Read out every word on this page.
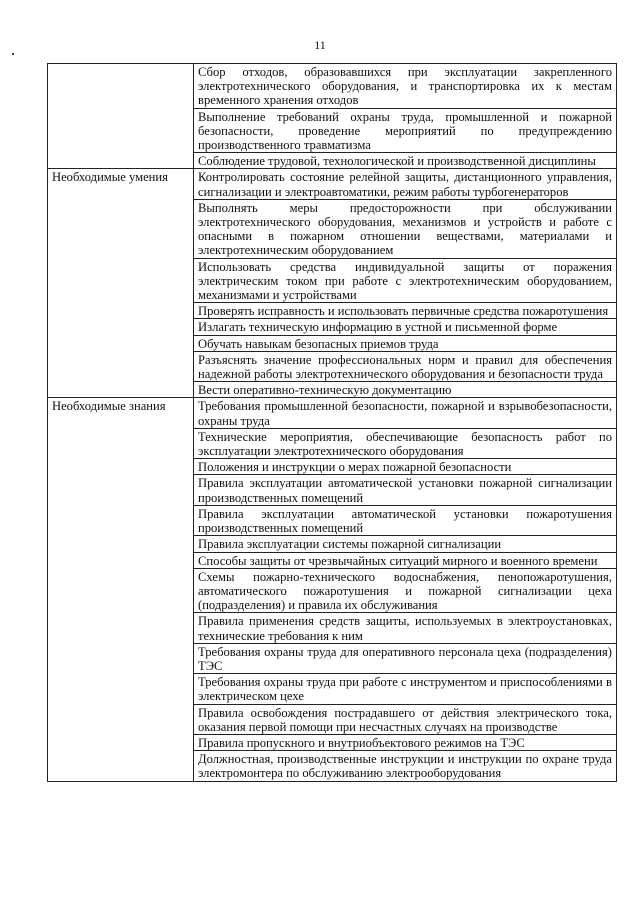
11
	Сбор отходов, образовавшихся при эксплуатации закрепленного электротехнического оборудования, и транспортировка их к местам временного хранения отходов
	Выполнение требований охраны труда, промышленной и пожарной безопасности, проведение мероприятий по предупреждению производственного травматизма
	Соблюдение трудовой, технологической и производственной дисциплины
Необходимые умения	Контролировать состояние релейной защиты, дистанционного управления, сигнализации и электроавтоматики, режим работы турбогенераторов
	Выполнять меры предосторожности при обслуживании электротехнического оборудования, механизмов и устройств и работе с опасными в пожарном отношении веществами, материалами и электротехническим оборудованием
	Использовать средства индивидуальной защиты от поражения электрическим током при работе с электротехническим оборудованием, механизмами и устройствами
	Проверять исправность и использовать первичные средства пожаротушения
	Излагать техническую информацию в устной и письменной форме
	Обучать навыкам безопасных приемов труда
	Разъяснять значение профессиональных норм и правил для обеспечения надежной работы электротехнического оборудования и безопасности труда
	Вести оперативно-техническую документацию
Необходимые знания	Требования промышленной безопасности, пожарной и взрывобезопасности, охраны труда
	Технические мероприятия, обеспечивающие безопасность работ по эксплуатации электротехнического оборудования
	Положения и инструкции о мерах пожарной безопасности
	Правила эксплуатации автоматической установки пожарной сигнализации производственных помещений
	Правила эксплуатации автоматической установки пожаротушения производственных помещений
	Правила эксплуатации системы пожарной сигнализации
	Способы защиты от чрезвычайных ситуаций мирного и военного времени
	Схемы пожарно-технического водоснабжения, пенопожаротушения, автоматического пожаротушения и пожарной сигнализации цеха (подразделения) и правила их обслуживания
	Правила применения средств защиты, используемых в электроустановках, технические требования к ним
	Требования охраны труда для оперативного персонала цеха (подразделения) ТЭС
	Требования охраны труда при работе с инструментом и приспособлениями в электрическом цехе
	Правила освобождения пострадавшего от действия электрического тока, оказания первой помощи при несчастных случаях на производстве
	Правила пропускного и внутриобъектового режимов на ТЭС
	Должностная, производственные инструкции и инструкции по охране труда электромонтера по обслуживанию электрооборудования
